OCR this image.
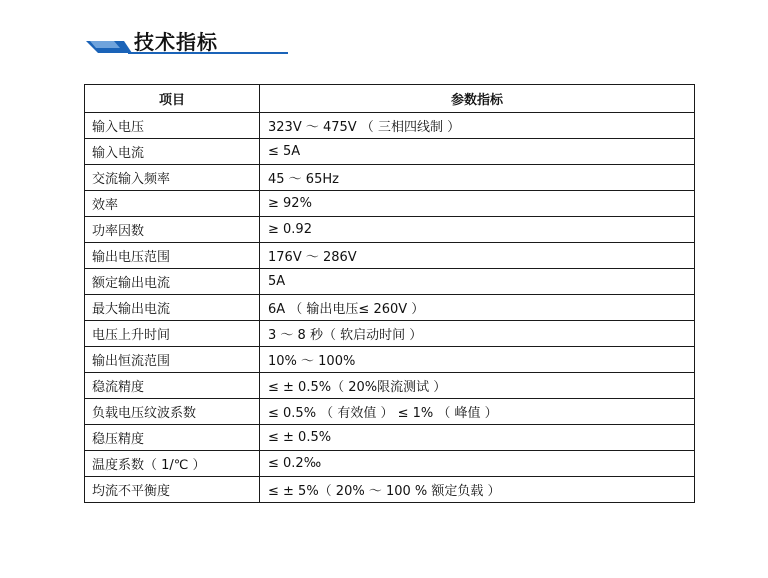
技术指标
项目	参数指标
输入电压	323V ～ 475V （ 三相四线制 ）
输入电流	≤ 5A
交流输入频率	45 ～ 65Hz
效率	≥ 92%
功率因数	≥ 0.92
输出电压范围	176V ～ 286V
额定输出电流	5A
最大输出电流	6A （ 输出电压≤ 260V ）
电压上升时间	3 ～ 8 秒（ 软启动时间 ）
输出恒流范围	10% ～ 100%
稳流精度	≤ ± 0.5%（ 20%限流测试 ）
负载电压纹波系数	≤ 0.5% （ 有效值 ） ≤ 1% （ 峰值 ）
稳压精度	≤ ± 0.5%
温度系数（ 1/℃ ）	≤ 0.2‰
均流不平衡度	≤ ± 5%（ 20% ～ 100 % 额定负载 ）
